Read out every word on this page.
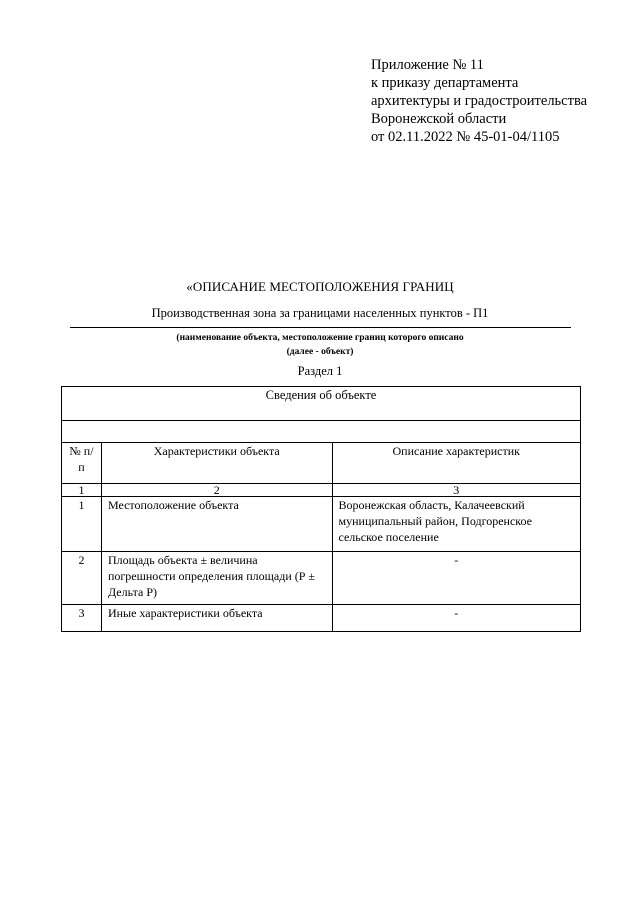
Приложение № 11
к приказу департамента
архитектуры и градостроительства
Воронежской области
от 02.11.2022 № 45-01-04/1105
«ОПИСАНИЕ МЕСТОПОЛОЖЕНИЯ ГРАНИЦ
Производственная зона за границами населенных пунктов - П1
(наименование объекта, местоположение границ которого описано
(далее - объект)
Раздел 1
Сведения об объекте		

№ п/п	Характеристики объекта	Описание характеристик
1	2	3
1	Местоположение объекта	Воронежская область, Калачеевский муниципальный район, Подгоренское сельское поселение
2	Площадь объекта ± величина погрешности определения площади (Р ± Дельта Р)	-
3	Иные характеристики объекта	-
